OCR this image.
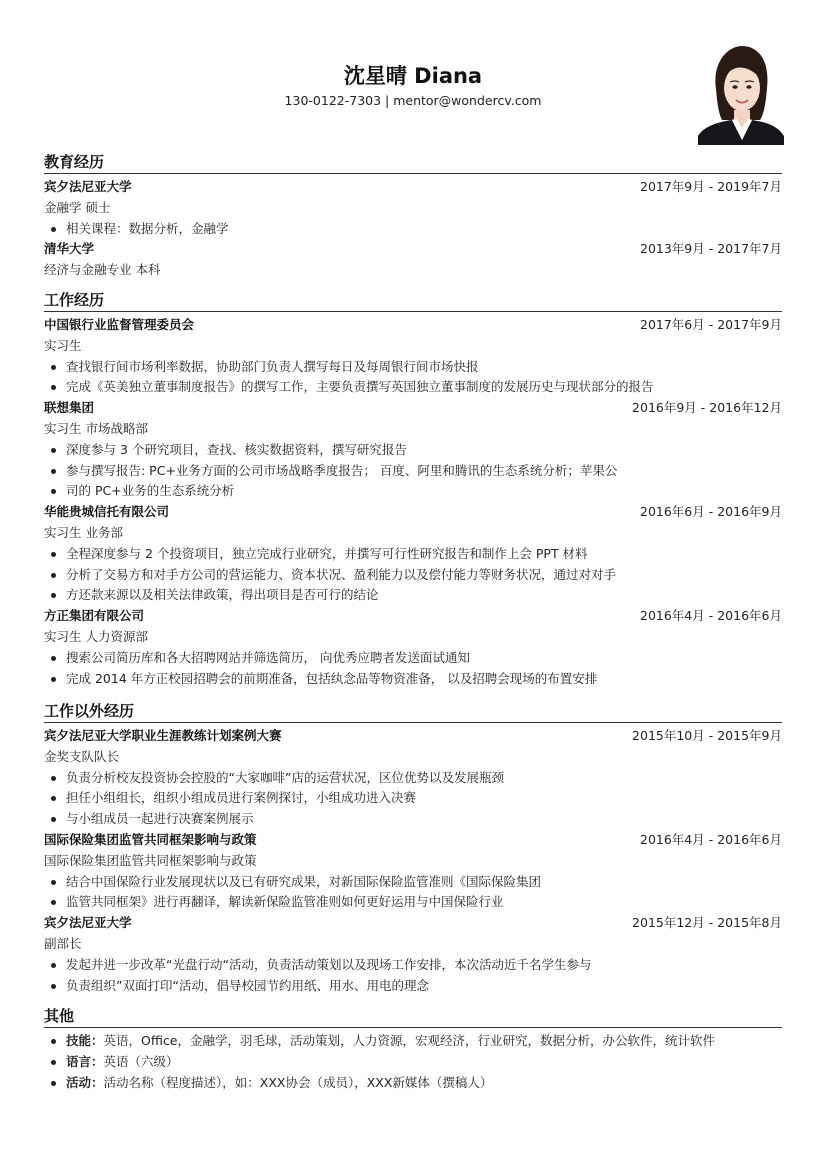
沈星晴 Diana
130-0122-7303 | mentor@wondercv.com
教育经历
宾夕法尼亚大学	2017年9月 - 2019年7月
金融学 硕士
相关课程：数据分析，金融学
清华大学	2013年9月 - 2017年7月
经济与金融专业 本科
工作经历
中国银行业监督管理委员会	2017年6月 - 2017年9月
实习生
查找银行间市场利率数据，协助部门负责人撰写每日及每周银行间市场快报
完成《英美独立董事制度报告》的撰写工作，主要负责撰写英国独立董事制度的发展历史与现状部分的报告
联想集团	2016年9月 - 2016年12月
实习生 市场战略部
深度参与 3 个研究项目，查找、核实数据资料，撰写研究报告
参与撰写报告: PC+业务方面的公司市场战略季度报告； 百度、阿里和腾讯的生态系统分析；苹果公
司的 PC+业务的生态系统分析
华能贵城信托有限公司	2016年6月 - 2016年9月
实习生 业务部
全程深度参与 2 个投资项目，独立完成行业研究，并撰写可行性研究报告和制作上会 PPT 材料
分析了交易方和对手方公司的营运能力、资本状况、盈利能力以及偿付能力等财务状况，通过对对手
方还款来源以及相关法律政策，得出项目是否可行的结论
方正集团有限公司	2016年4月 - 2016年6月
实习生 人力资源部
搜索公司简历库和各大招聘网站并筛选简历， 向优秀应聘者发送面试通知
完成 2014 年方正校园招聘会的前期准备，包括纨念品等物资准备， 以及招聘会现场的布置安排
工作以外经历
宾夕法尼亚大学职业生涯教练计划案例大赛	2015年10月 - 2015年9月
金奖支队队长
负责分析校友投资协会控股的“大家咖啡”店的运营状况，区位优势以及发展瓶颈
担任小组组长，组织小组成员进行案例探讨，小组成功进入决赛
与小组成员一起进行决赛案例展示
国际保险集团监管共同框架影响与政策	2016年4月 - 2016年6月
国际保险集团监管共同框架影响与政策
结合中国保险行业发展现状以及已有研究成果，对新国际保险监管准则《国际保险集团
监管共同框架》进行再翻译，解读新保险监管准则如何更好运用与中国保险行业
宾夕法尼亚大学	2015年12月 - 2015年8月
副部长
发起并进一步改革“光盘行动“活动，负责活动策划以及现场工作安排，本次活动近千名学生参与
负责组织”双面打印“活动，倡导校园节约用纸、用水、用电的理念
其他
技能：英语，Office，金融学，羽毛球，活动策划，人力资源，宏观经济，行业研究，数据分析，办公软件，统计软件
语言：英语（六级）
活动：活动名称（程度描述），如：XXX协会（成员），XXX新媒体（撰稿人）
